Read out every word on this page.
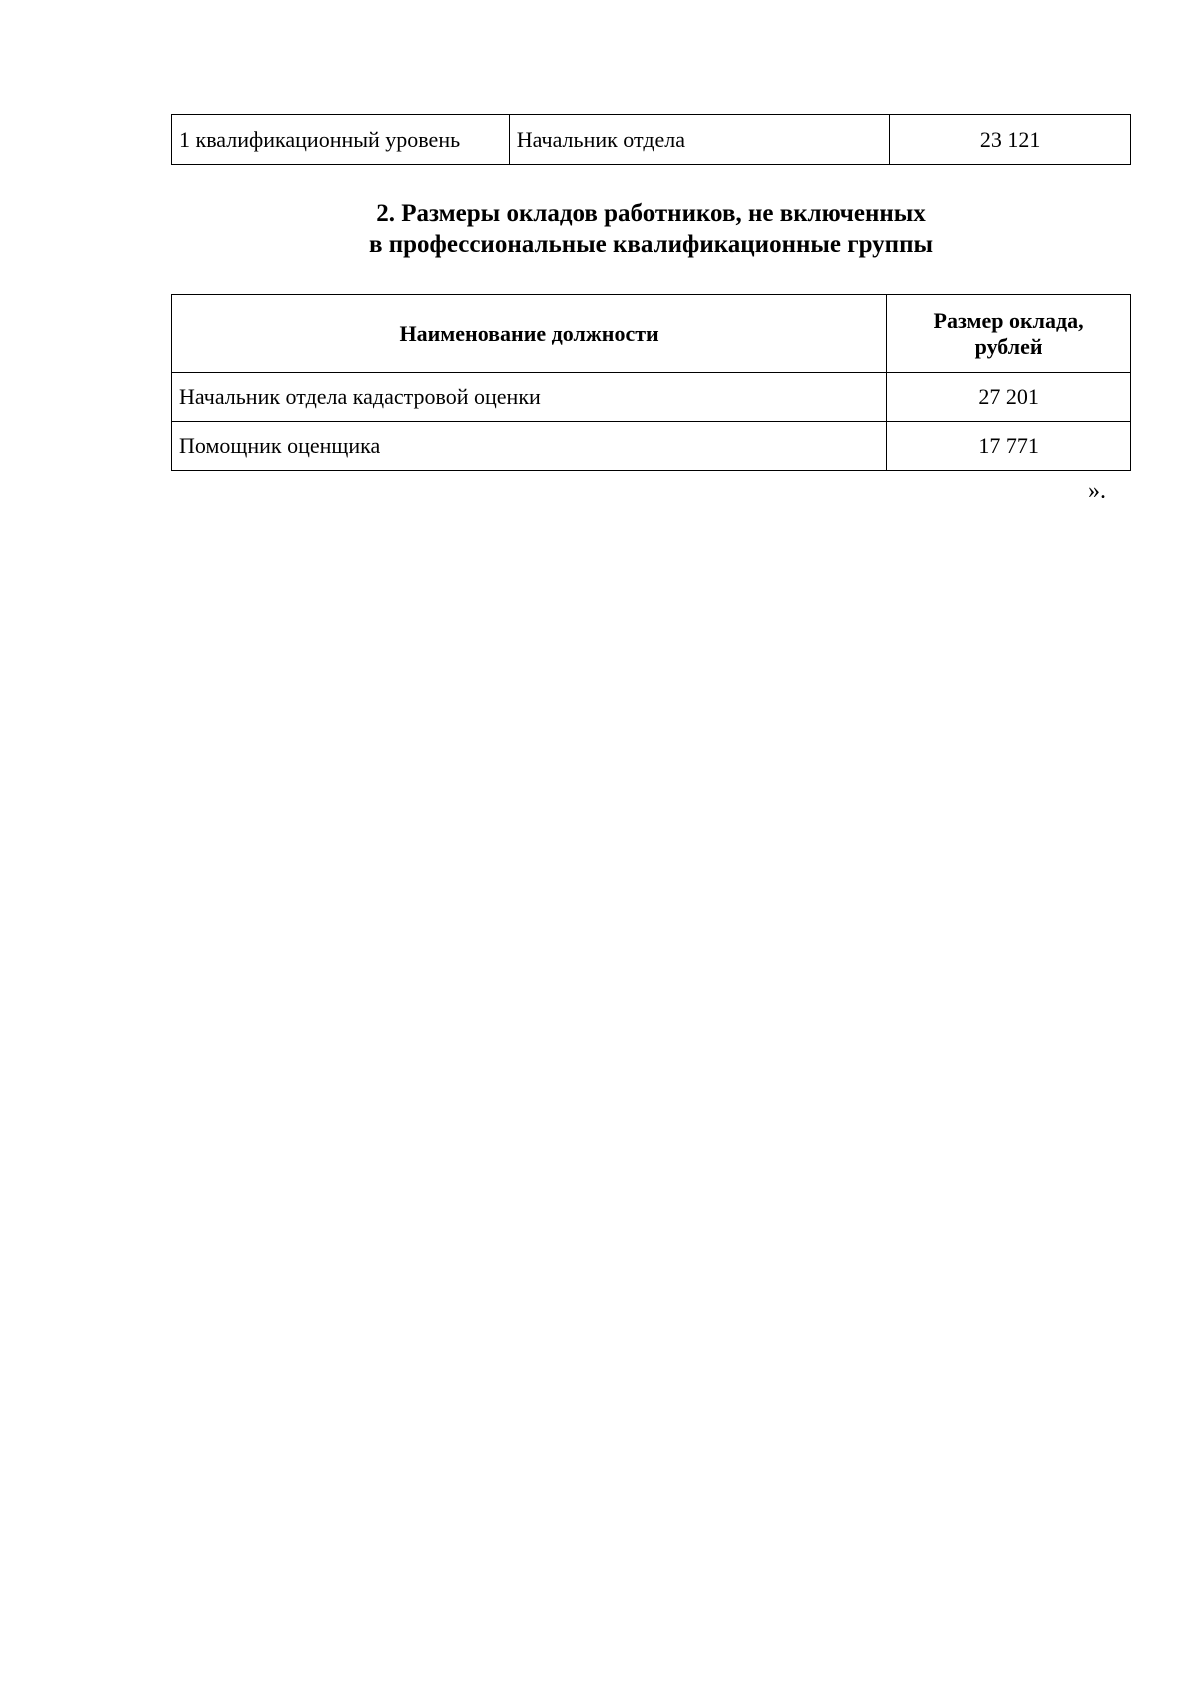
1 квалификационный уровень	Начальник отдела	23 121
2. Размеры окладов работников, не включенных
в профессиональные квалификационные группы
Наименование должности	Размер оклада,
рублей

Начальник отдела кадастровой оценки	27 201
Помощник оценщика	17 771
».
